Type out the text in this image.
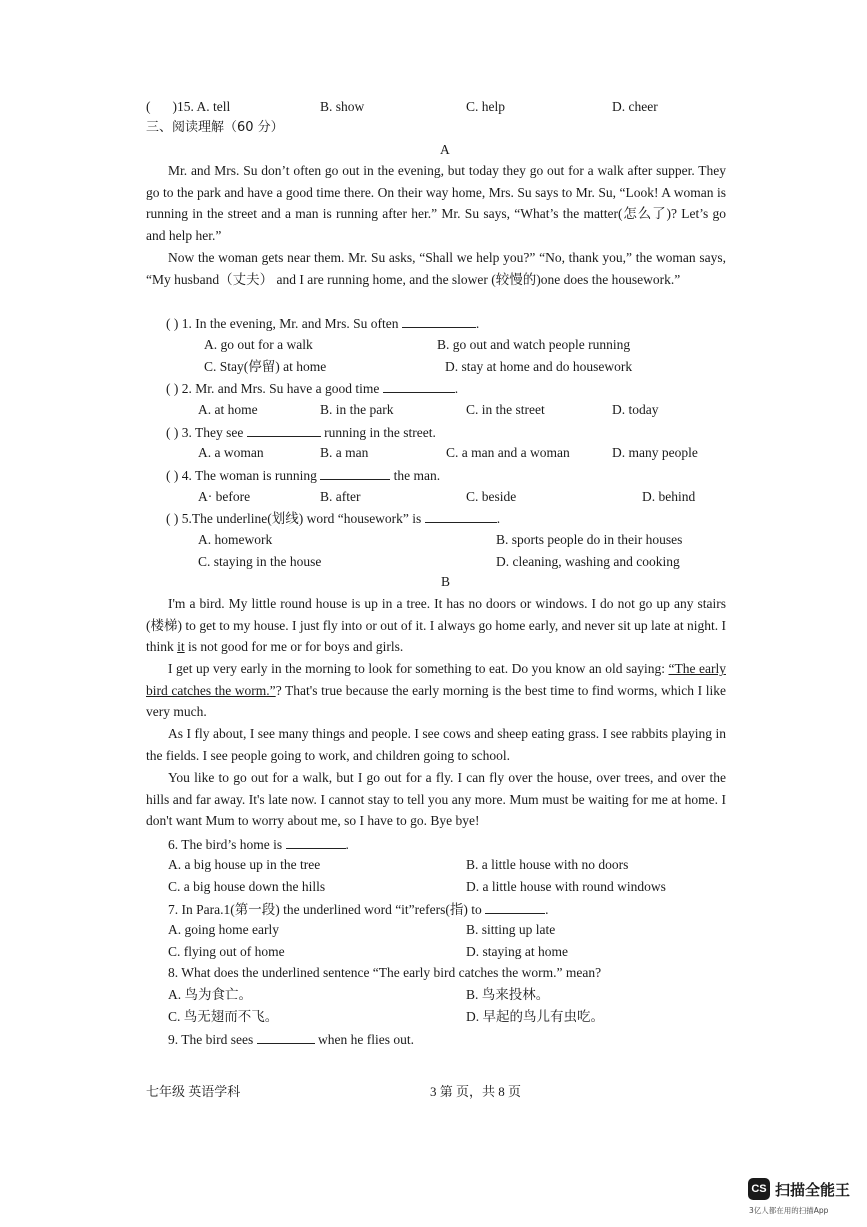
( )15. A. tell	B. show	C. help	D. cheer
三、阅读理解（60 分）
A
Mr. and Mrs. Su don’t often go out in the evening, but today they go out for a walk after supper. They go to the park and have a good time there. On their way home, Mrs. Su says to Mr. Su, “Look! A woman is running in the street and a man is running after her.” Mr. Su says, “What’s the matter(怎么了)? Let’s go and help her.”
Now the woman gets near them. Mr. Su asks, “Shall we help you?” “No, thank you,” the woman says, “My husband（丈夫） and I are running home, and the slower (较慢的)one does the housework.”
( ) 1. In the evening, Mr. and Mrs. Su often	.
A. go out for a walk	B. go out and watch people running
C. Stay(停留) at home	D. stay at home and do housework
( ) 2. Mr. and Mrs. Su have a good time	.
A. at home	B. in the park	C. in the street	D. today
( ) 3. They see	running in the street.
A. a woman	B. a man	C. a man and a woman	D. many people
( ) 4. The woman is running	the man.
A· before	B. after	C. beside	D. behind
( ) 5.The underline(划线) word “housework” is	.
A. homework	B. sports people do in their houses
C. staying in the house	D. cleaning, washing and cooking
B
I'm a bird. My little round house is up in a tree. It has no doors or windows. I do not go up any stairs (楼梯) to get to my house. I just fly into or out of it. I always go home early, and never sit up late at night. I think it is not good for me or for boys and girls.
I get up very early in the morning to look for something to eat. Do you know an old saying: “The early bird catches the worm.”? That's true because the early morning is the best time to find worms, which I like very much.
As I fly about, I see many things and people. I see cows and sheep eating grass. I see rabbits playing in the fields. I see people going to work, and children going to school.
You like to go out for a walk, but I go out for a fly. I can fly over the house, over trees, and over the hills and far away. It's late now. I cannot stay to tell you any more. Mum must be waiting for me at home. I don't want Mum to worry about me, so I have to go. Bye bye!
6. The bird’s home is	.
A. a big house up in the tree	B. a little house with no doors
C. a big house down the hills	D. a little house with round windows
7. In Para.1(第一段) the underlined word “it”refers(指) to	.
A. going home early	B. sitting up late
C. flying out of home	D. staying at home
8. What does the underlined sentence “The early bird catches the worm.” mean?
A. 鸟为食亡。	B. 鸟来投林。
C. 鸟无翅而不飞。	D. 早起的鸟儿有虫吃。
9. The bird sees	when he flies out.
七年级 英语学科	3 第 页，共 8 页
CS 扫描全能王
3亿人都在用的扫描App
